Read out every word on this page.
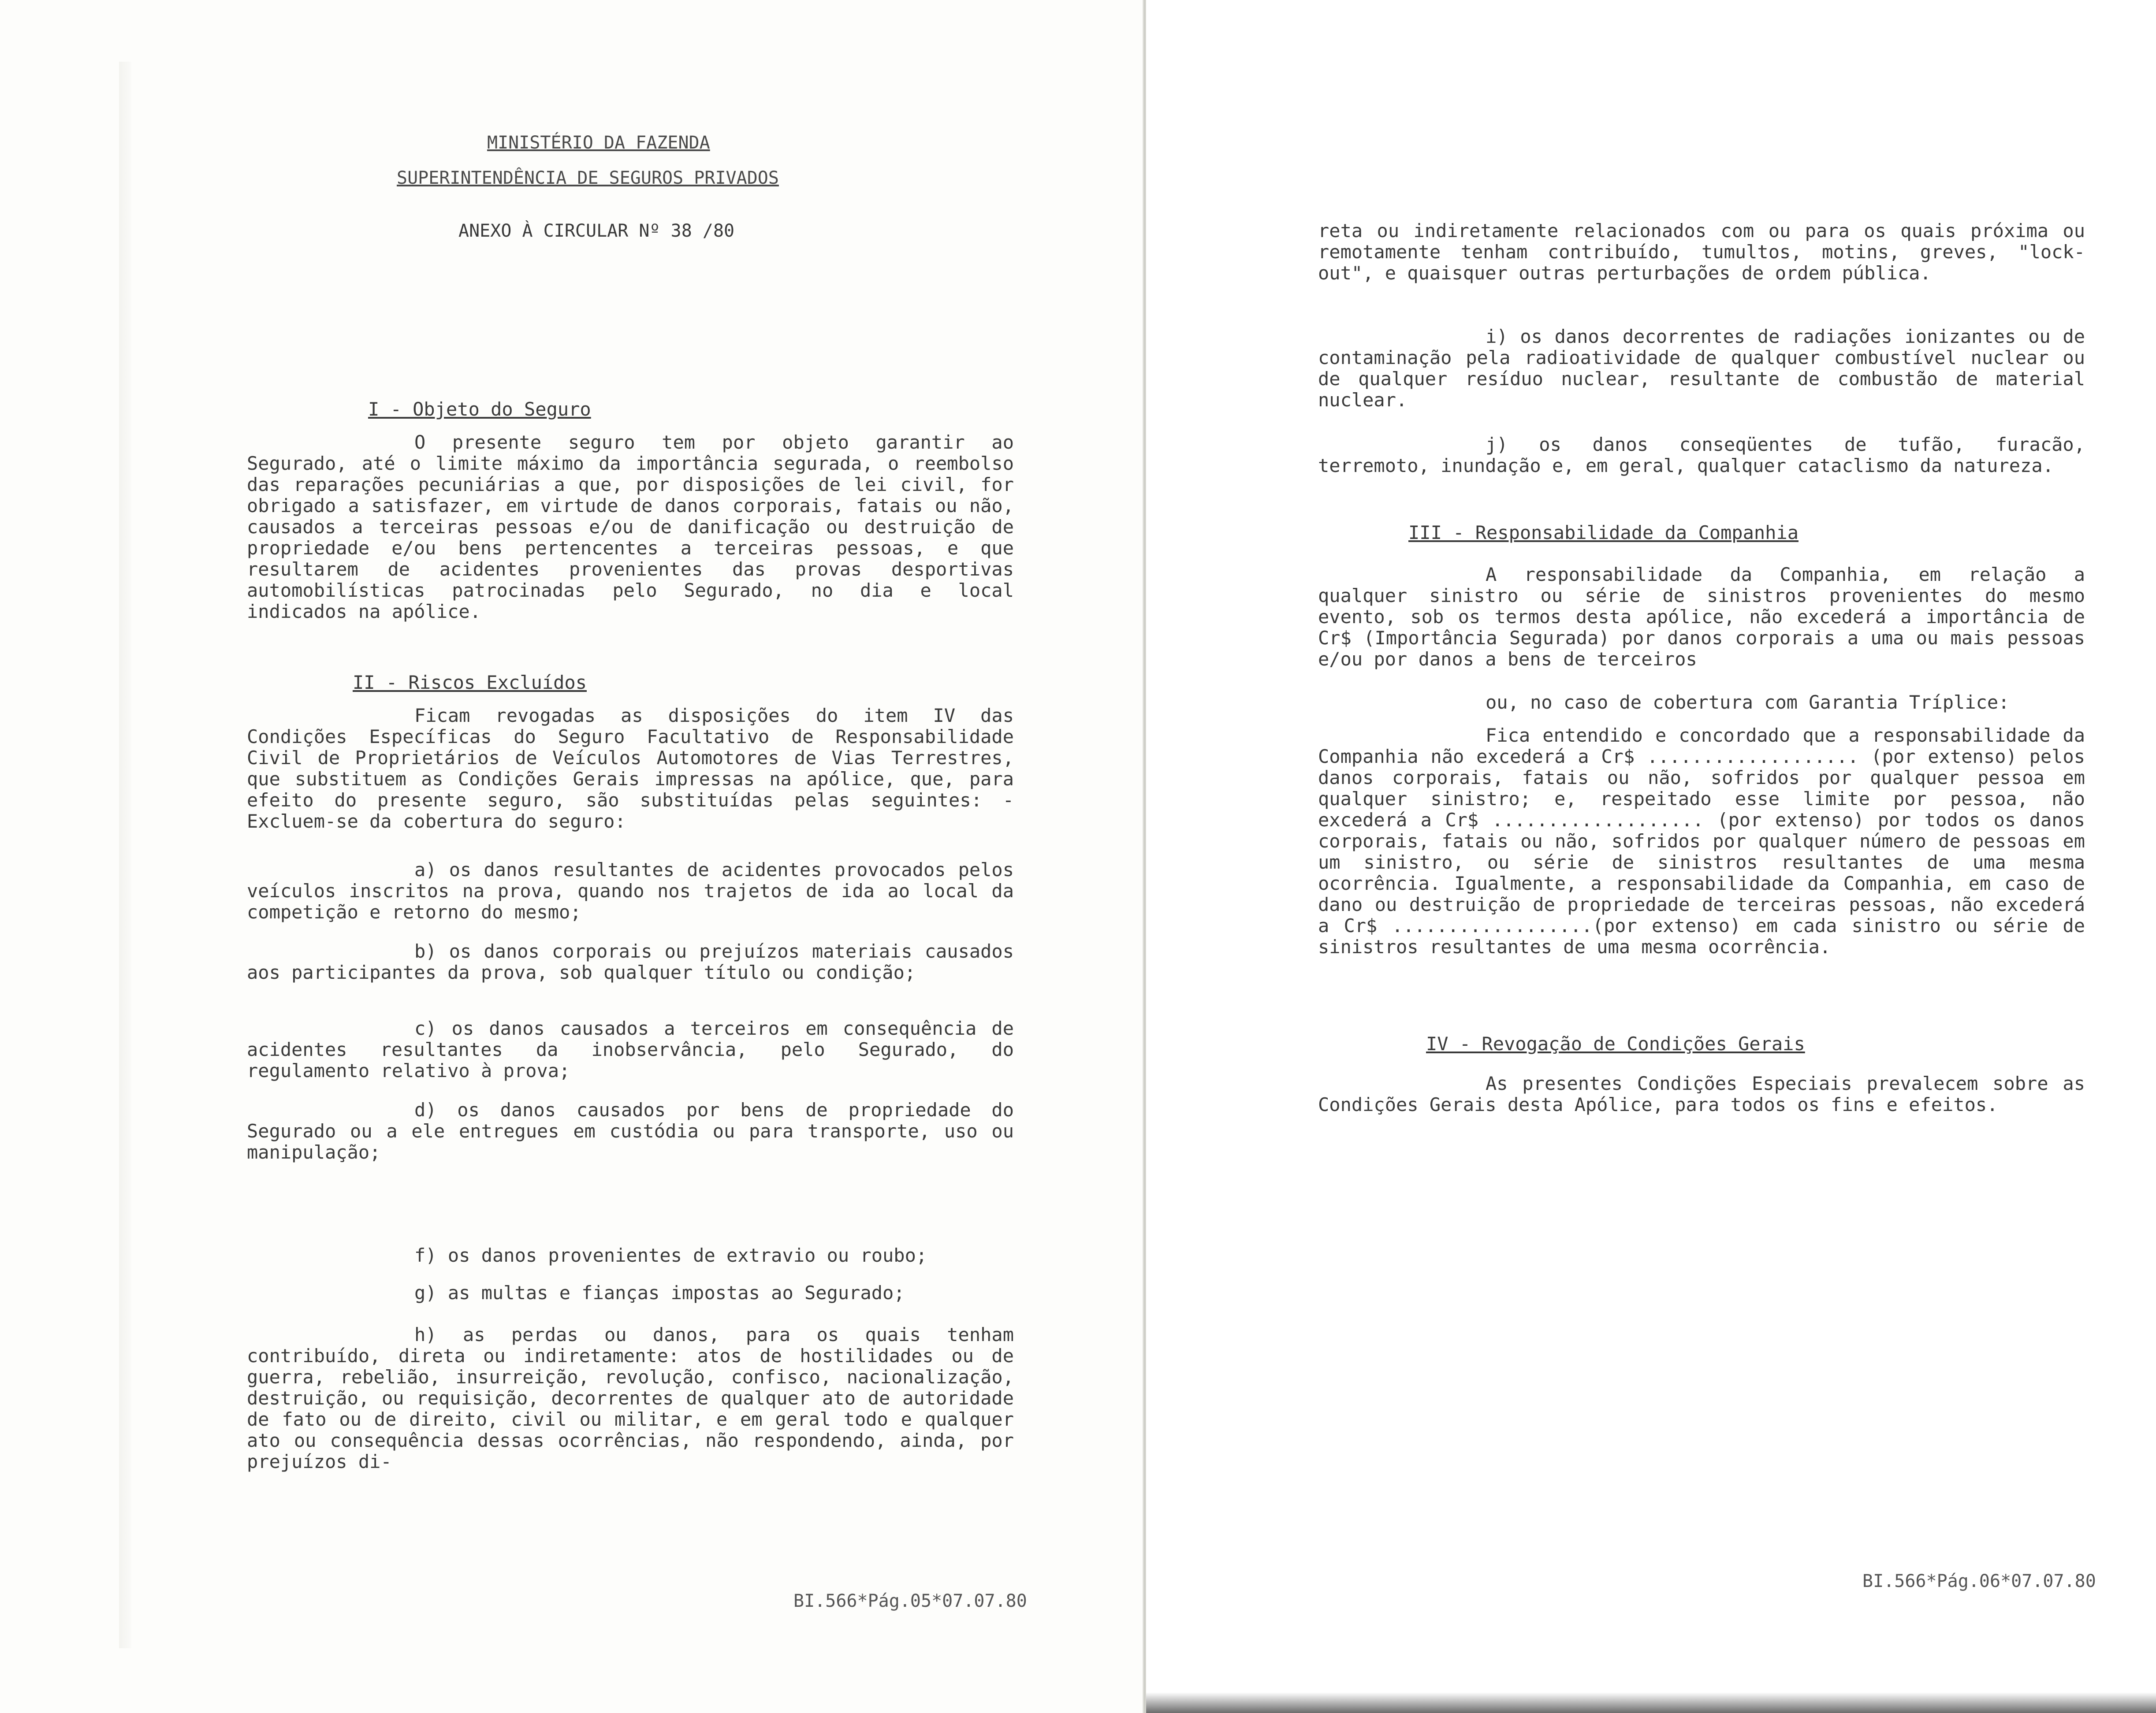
MINISTÉRIO DA FAZENDA
SUPERINTENDÊNCIA DE SEGUROS PRIVADOS
ANEXO À CIRCULAR Nº 38 /80
I - Objeto do Seguro
O presente seguro tem por objeto garantir ao Segurado, até o limite máximo da importância segurada, o reembolso das reparações pecuniárias a que, por disposições de lei civil, for obrigado a satisfazer, em virtude de danos corporais, fatais ou não, causados a terceiras pessoas e/ou de danificação ou destruição de propriedade e/ou bens pertencentes a terceiras pessoas, e que resultarem de acidentes provenientes das provas desportivas automobilísticas patrocinadas pelo Segurado, no dia e local indicados na apólice.
II - Riscos Excluídos
Ficam revogadas as disposições do item IV das Condições Específicas do Seguro Facultativo de Responsabilidade Civil de Proprietários de Veículos Automotores de Vias Terrestres, que substituem as Condições Gerais impressas na apólice, que, para efeito do presente seguro, são substituídas pelas seguintes: - Excluem-se da cobertura do seguro:
a) os danos resultantes de acidentes provocados pelos veículos inscritos na prova, quando nos trajetos de ida ao local da competição e retorno do mesmo;
b) os danos corporais ou prejuízos materiais causados aos participantes da prova, sob qualquer título ou condição;
c) os danos causados a terceiros em consequência de acidentes resultantes da inobservância, pelo Segurado, do regulamento relativo à prova;
d) os danos causados por bens de propriedade do Segurado ou a ele entregues em custódia ou para transporte, uso ou manipulação;
f) os danos provenientes de extravio ou roubo;
g) as multas e fianças impostas ao Segurado;
h) as perdas ou danos, para os quais tenham contribuído, direta ou indiretamente: atos de hostilidades ou de guerra, rebelião, insurreição, revolução, confisco, nacionalização, destruição, ou requisição, decorrentes de qualquer ato de autoridade de fato ou de direito, civil ou militar, e em geral todo e qualquer ato ou consequência dessas ocorrências, não respondendo, ainda, por prejuízos di-
BI.566*Pág.05*07.07.80
reta ou indiretamente relacionados com ou para os quais próxima ou remotamente tenham contribuído, tumultos, motins, greves, "lock-out", e quaisquer outras perturbações de ordem pública.
i) os danos decorrentes de radiações ionizantes ou de contaminação pela radioatividade de qualquer combustível nuclear ou de qualquer resíduo nuclear, resultante de combustão de material nuclear.
j) os danos conseqüentes de tufão, furacão, terremoto, inundação e, em geral, qualquer cataclismo da natureza.
III - Responsabilidade da Companhia
A responsabilidade da Companhia, em relação a qualquer sinistro ou série de sinistros provenientes do mesmo evento, sob os termos desta apólice, não excederá a importância de Cr$ (Importância Segurada) por danos corporais a uma ou mais pessoas e/ou por danos a bens de terceiros
ou, no caso de cobertura com Garantia Tríplice:
Fica entendido e concordado que a responsabilidade da Companhia não excederá a Cr$ ................... (por extenso) pelos danos corporais, fatais ou não, sofridos por qualquer pessoa em qualquer sinistro; e, respeitado esse limite por pessoa, não excederá a Cr$ ................... (por extenso) por todos os danos corporais, fatais ou não, sofridos por qualquer número de pessoas em um sinistro, ou série de sinistros resultantes de uma mesma ocorrência. Igualmente, a responsabilidade da Companhia, em caso de dano ou destruição de propriedade de terceiras pessoas, não excederá a Cr$ ..................(por extenso) em cada sinistro ou série de sinistros resultantes de uma mesma ocorrência.
IV - Revogação de Condições Gerais
As presentes Condições Especiais prevalecem sobre as Condições Gerais desta Apólice, para todos os fins e efeitos.
BI.566*Pág.06*07.07.80
